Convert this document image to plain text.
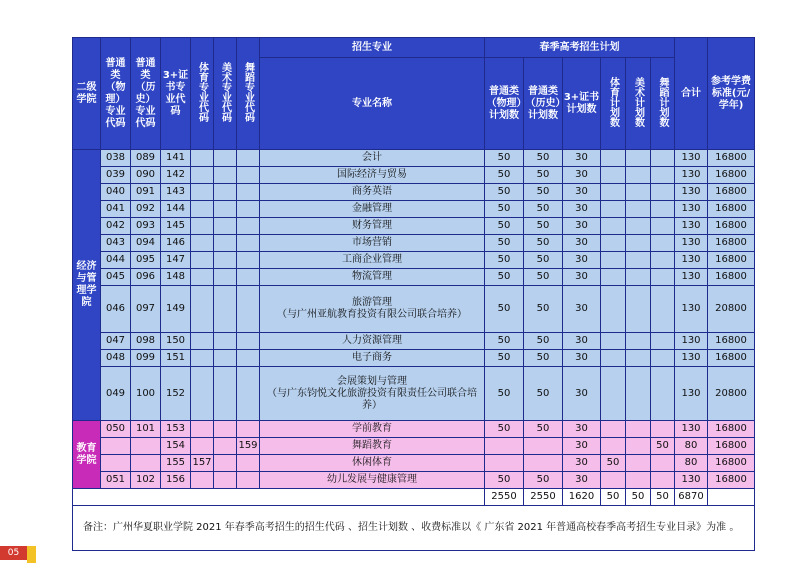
二级学院	普通类（物理）专业代码	普通类（历史）专业代码	3+证书专业代码	体育专业代码	美术专业代码	舞蹈专业代码	招生专业	春季高考招生计划						合计	参考学费标准(元/学年)
							专业名称	普通类（物理）计划数	普通类（历史）计划数	3+证书计划数	体育计划数	美术计划数	舞蹈计划数		
经济与管理学院	038	089	141				会计	50	50	30				130	16800
	039	090	142				国际经济与贸易	50	50	30				130	16800
	040	091	143				商务英语	50	50	30				130	16800
	041	092	144				金融管理	50	50	30				130	16800
	042	093	145				财务管理	50	50	30				130	16800
	043	094	146				市场营销	50	50	30				130	16800
	044	095	147				工商企业管理	50	50	30				130	16800
	045	096	148				物流管理	50	50	30				130	16800
	046	097	149				旅游管理
（与广州亚航教育投资有限公司联合培养）	50	50	30				130	20800
	047	098	150				人力资源管理	50	50	30				130	16800
	048	099	151				电子商务	50	50	30				130	16800
	049	100	152				会展策划与管理
（与广东钧悦文化旅游投资有限责任公司联合培养）	50	50	30				130	20800
教育学院	050	101	153				学前教育	50	50	30				130	16800
			154			159	舞蹈教育			30			50	80	16800
			155	157			休闲体育			30	50			80	16800
	051	102	156				幼儿发展与健康管理	50	50	30				130	16800
								2550	2550	1620	50	50	50	6870	
备注：广州华夏职业学院 2021 年春季高考招生的招生代码 、招生计划数 、收费标准以《 广东省 2021 年普通高校春季高考招生专业目录》为准 。															
05
